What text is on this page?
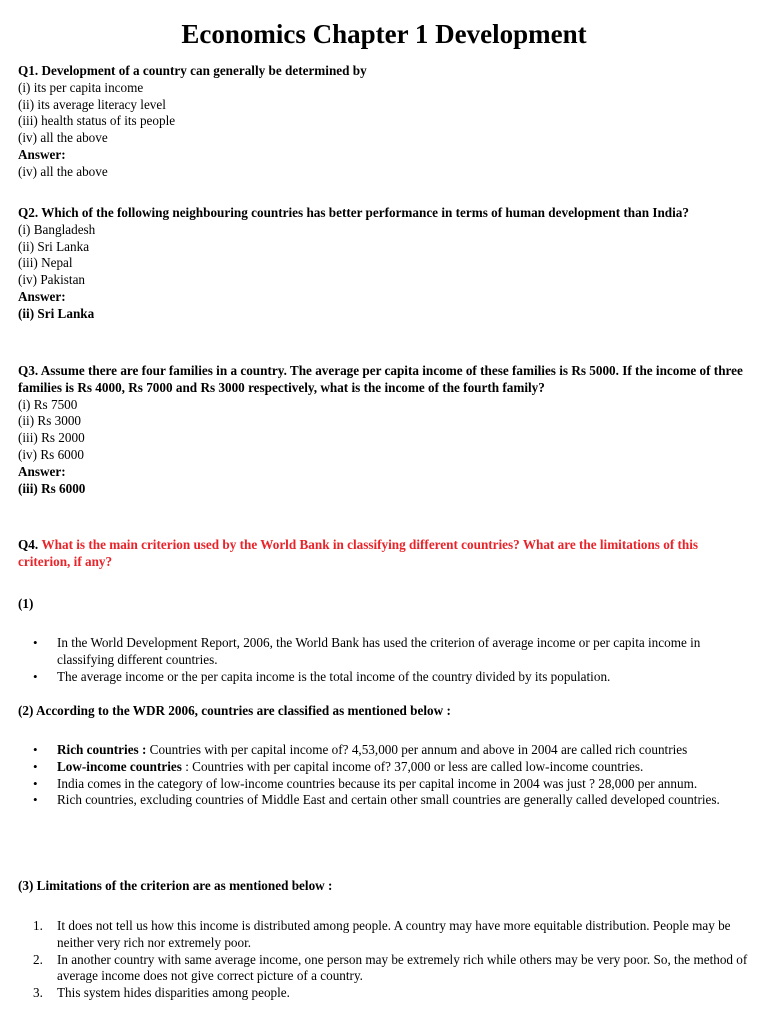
Economics Chapter 1 Development
Q1. Development of a country can generally be determined by
(i) its per capita income
(ii) its average literacy level
(iii) health status of its people
(iv) all the above
Answer:
(iv) all the above
Q2. Which of the following neighbouring countries has better performance in terms of human development than India?
(i) Bangladesh
(ii) Sri Lanka
(iii) Nepal
(iv) Pakistan
Answer:
(ii) Sri Lanka
Q3. Assume there are four families in a country. The average per capita income of these families is Rs 5000. If the income of three families is Rs 4000, Rs 7000 and Rs 3000 respectively, what is the income of the fourth family?
(i) Rs 7500
(ii) Rs 3000
(iii) Rs 2000
(iv) Rs 6000
Answer:
(iii) Rs 6000
Q4. What is the main criterion used by the World Bank in classifying different countries? What are the limitations of this criterion, if any?
(1)
• In the World Development Report, 2006, the World Bank has used the criterion of average income or per capita income in classifying different countries.
• The average income or the per capita income is the total income of the country divided by its population.
(2) According to the WDR 2006, countries are classified as mentioned below :
• Rich countries : Countries with per capital income of? 4,53,000 per annum and above in 2004 are called rich countries
• Low-income countries : Countries with per capital income of? 37,000 or less are called low-income countries.
• India comes in the category of low-income countries because its per capital income in 2004 was just ? 28,000 per annum.
• Rich countries, excluding countries of Middle East and certain other small countries are generally called developed countries.
(3) Limitations of the criterion are as mentioned below :
1. It does not tell us how this income is distributed among people. A country may have more equitable distribution. People may be neither very rich nor extremely poor.
2. In another country with same average income, one person may be extremely rich while others may be very poor. So, the method of average income does not give correct picture of a country.
3. This system hides disparities among people.
